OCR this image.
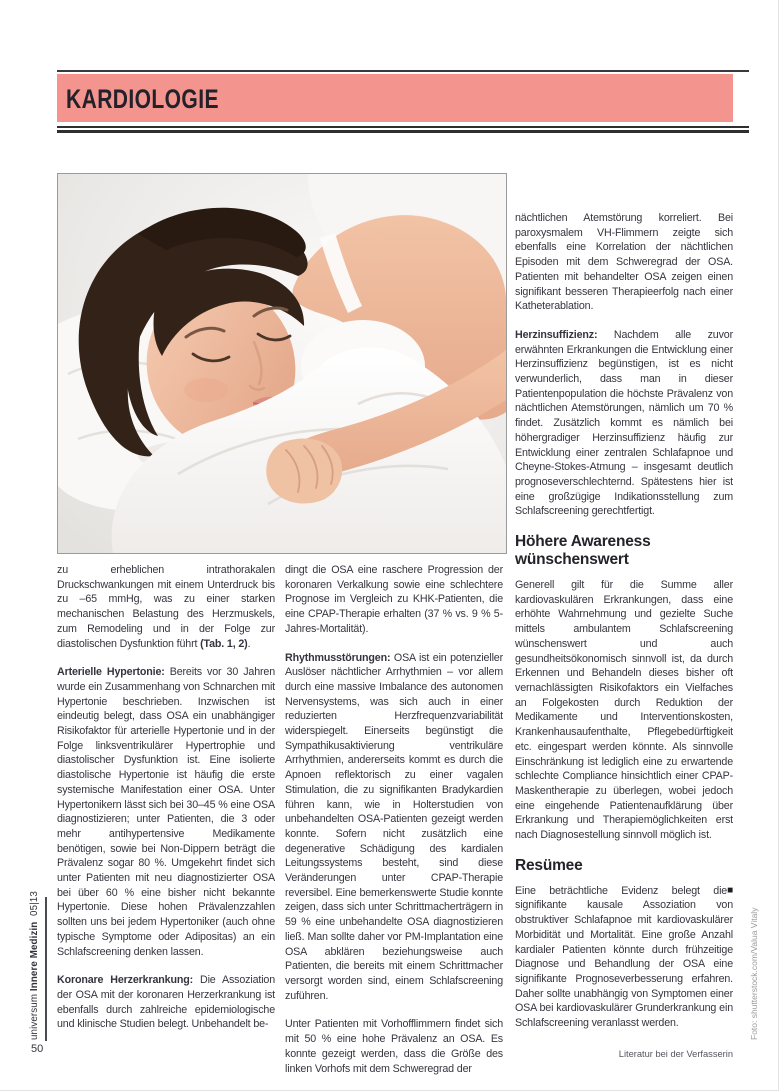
KARDIOLOGIE

zu erheblichen intrathorakalen Druckschwankungen mit einem Unterdruck bis zu –65 mmHg, was zu einer starken mechanischen Belastung des Herzmuskels, zum Remodeling und in der Folge zur diastolischen Dysfunktion führt (Tab. 1, 2).

Arterielle Hypertonie: Bereits vor 30 Jahren wurde ein Zusammenhang von Schnarchen mit Hypertonie beschrieben. Inzwischen ist eindeutig belegt, dass OSA ein unabhängiger Risikofaktor für arterielle Hypertonie und in der Folge linksventrikulärer Hypertrophie und diastolischer Dysfunktion ist. Eine isolierte diastolische Hypertonie ist häufig die erste systemische Manifestation einer OSA. Unter Hypertonikern lässt sich bei 30–45 % eine OSA diagnostizieren; unter Patienten, die 3 oder mehr antihypertensive Medikamente benötigen, sowie bei Non-Dippern beträgt die Prävalenz sogar 80 %. Umgekehrt findet sich unter Patienten mit neu diagnostizierter OSA bei über 60 % eine bisher nicht bekannte Hypertonie. Diese hohen Prävalenzzahlen sollten uns bei jedem Hypertoniker (auch ohne typische Symptome oder Adipositas) an ein Schlafscreening denken lassen.

Koronare Herzerkrankung: Die Assoziation der OSA mit der koronaren Herzerkrankung ist ebenfalls durch zahlreiche epidemiologische und klinische Studien belegt. Unbehandelt be-

dingt die OSA eine raschere Progression der koronaren Verkalkung sowie eine schlechtere Prognose im Vergleich zu KHK-Patienten, die eine CPAP-Therapie erhalten (37 % vs. 9 % 5-Jahres-Mortalität).

Rhythmusstörungen: OSA ist ein potenzieller Auslöser nächtlicher Arrhythmien – vor allem durch eine massive Imbalance des autonomen Nervensystems, was sich auch in einer reduzierten Herzfrequenzvariabilität widerspiegelt. Einerseits begünstigt die Sympathikusaktivierung ventrikuläre Arrhythmien, andererseits kommt es durch die Apnoen reflektorisch zu einer vagalen Stimulation, die zu signifikanten Bradykardien führen kann, wie in Holterstudien von unbehandelten OSA-Patienten gezeigt werden konnte. Sofern nicht zusätzlich eine degenerative Schädigung des kardialen Leitungssystems besteht, sind diese Veränderungen unter CPAP-Therapie reversibel. Eine bemerkenswerte Studie konnte zeigen, dass sich unter Schrittmacherträgern in 59 % eine unbehandelte OSA diagnostizieren ließ. Man sollte daher vor PM-Implantation eine OSA abklären beziehungsweise auch Patienten, die bereits mit einem Schrittmacher versorgt worden sind, einem Schlafscreening zuführen.

Unter Patienten mit Vorhofflimmern findet sich mit 50 % eine hohe Prävalenz an OSA. Es konnte gezeigt werden, dass die Größe des linken Vorhofs mit dem Schweregrad der

nächtlichen Atemstörung korreliert. Bei paroxysmalem VH-Flimmern zeigte sich ebenfalls eine Korrelation der nächtlichen Episoden mit dem Schweregrad der OSA. Patienten mit behandelter OSA zeigen einen signifikant besseren Therapieerfolg nach einer Katheterablation.

Herzinsuffizienz: Nachdem alle zuvor erwähnten Erkrankungen die Entwicklung einer Herzinsuffizienz begünstigen, ist es nicht verwunderlich, dass man in dieser Patientenpopulation die höchste Prävalenz von nächtlichen Atemstörungen, nämlich um 70 % findet. Zusätzlich kommt es nämlich bei höhergradiger Herzinsuffizienz häufig zur Entwicklung einer zentralen Schlafapnoe und Cheyne-Stokes-Atmung – insgesamt deutlich prognoseverschlechternd. Spätestens hier ist eine großzügige Indikationsstellung zum Schlafscreening gerechtfertigt.

Höhere Awareness wünschenswert

Generell gilt für die Summe aller kardiovaskulären Erkrankungen, dass eine erhöhte Wahrnehmung und gezielte Suche mittels ambulantem Schlafscreening wünschenswert und auch gesundheitsökonomisch sinnvoll ist, da durch Erkennen und Behandeln dieses bisher oft vernachlässigten Risikofaktors ein Vielfaches an Folgekosten durch Reduktion der Medikamente und Interventionskosten, Krankenhausaufenthalte, Pflegebedürftigkeit etc. eingespart werden könnte. Als sinnvolle Einschränkung ist lediglich eine zu erwartende schlechte Compliance hinsichtlich einer CPAP-Maskentherapie zu überlegen, wobei jedoch eine eingehende Patientenaufklärung über Erkrankung und Therapiemöglichkeiten erst nach Diagnosestellung sinnvoll möglich ist.

Resümee

■
Eine beträchtliche Evidenz belegt die signifikante kausale Assoziation von obstruktiver Schlafapnoe mit kardiovaskulärer Morbidität und Mortalität. Eine große Anzahl kardialer Patienten könnte durch frühzeitige Diagnose und Behandlung der OSA eine signifikante Prognoseverbesserung erfahren. Daher sollte unabhängig von Symptomen einer OSA bei kardiovaskulärer Grunderkrankung ein Schlafscreening veranlasst werden.

Literatur bei der Verfasserin
universum Innere Medizin  05|13
50
Foto: shutterstock.com/Valua Vitaly
